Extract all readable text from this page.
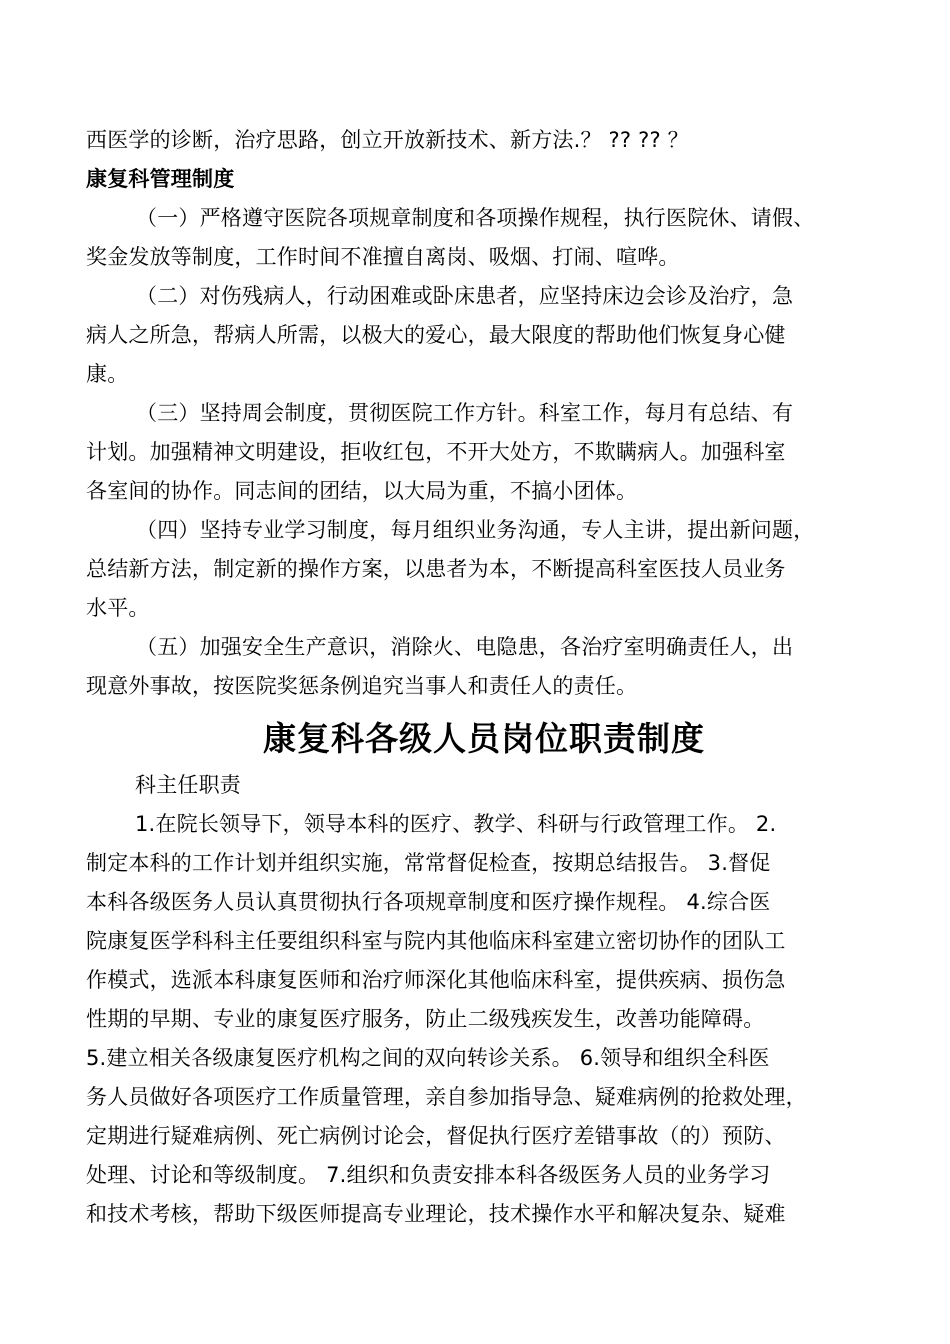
西医学的诊断，治疗思路，创立开放新技术、新方法.？ ?? ?? ？
康复科管理制度
（一）严格遵守医院各项规章制度和各项操作规程，执行医院休、请假、
奖金发放等制度，工作时间不准擅自离岗、吸烟、打闹、喧哗。
（二）对伤残病人，行动困难或卧床患者，应坚持床边会诊及治疗，急
病人之所急，帮病人所需，以极大的爱心，最大限度的帮助他们恢复身心健
康。
（三）坚持周会制度，贯彻医院工作方针。科室工作，每月有总结、有
计划。加强精神文明建设，拒收红包，不开大处方，不欺瞒病人。加强科室
各室间的协作。同志间的团结，以大局为重，不搞小团体。
（四）坚持专业学习制度，每月组织业务沟通，专人主讲，提出新问题，
总结新方法，制定新的操作方案，以患者为本，不断提高科室医技人员业务
水平。
（五）加强安全生产意识，消除火、电隐患，各治疗室明确责任人，出
现意外事故，按医院奖惩条例追究当事人和责任人的责任。
康复科各级人员岗位职责制度
科主任职责
1.在院长领导下，领导本科的医疗、教学、科研与行政管理工作。 2.
制定本科的工作计划并组织实施，常常督促检查，按期总结报告。 3.督促
本科各级医务人员认真贯彻执行各项规章制度和医疗操作规程。 4.综合医
院康复医学科科主任要组织科室与院内其他临床科室建立密切协作的团队工
作模式，选派本科康复医师和治疗师深化其他临床科室，提供疾病、损伤急
性期的早期、专业的康复医疗服务，防止二级残疾发生，改善功能障碍。
5.建立相关各级康复医疗机构之间的双向转诊关系。 6.领导和组织全科医
务人员做好各项医疗工作质量管理，亲自参加指导急、疑难病例的抢救处理，
定期进行疑难病例、死亡病例讨论会，督促执行医疗差错事故（的）预防、
处理、讨论和等级制度。 7.组织和负责安排本科各级医务人员的业务学习
和技术考核，帮助下级医师提高专业理论，技术操作水平和解决复杂、疑难
